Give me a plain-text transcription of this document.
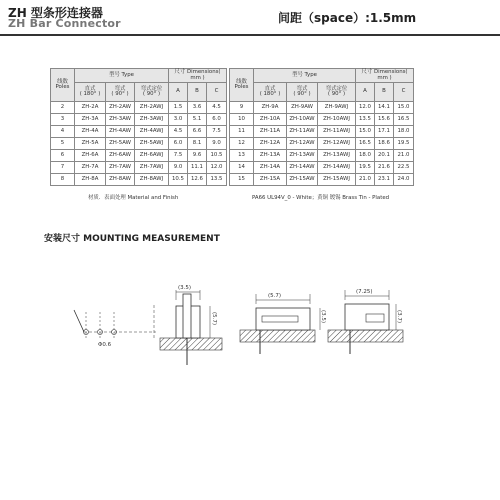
ZH 型条形连接器
ZH Bar Connector	间距（space）:1.5mm
线数
Poles	型号 Type			尺寸 Dimensions( mm )				线数
Poles	型号 Type			尺寸 Dimensions( mm )		
	直式
( 180° )	弯式
( 90° )	弯式定位
( 90° )	A	B	C			直式
( 180° )	弯式
( 90° )	弯式定位
( 90° )	A	B	C
2	ZH-2A	ZH-2AW	ZH-2AWJ	1.5	3.6	4.5		9	ZH-9A	ZH-9AW	ZH-9AWJ	12.0	14.1	15.0
3	ZH-3A	ZH-3AW	ZH-3AWJ	3.0	5.1	6.0		10	ZH-10A	ZH-10AW	ZH-10AWJ	13.5	15.6	16.5
4	ZH-4A	ZH-4AW	ZH-4AWJ	4.5	6.6	7.5		11	ZH-11A	ZH-11AW	ZH-11AWJ	15.0	17.1	18.0
5	ZH-5A	ZH-5AW	ZH-5AWJ	6.0	8.1	9.0		12	ZH-12A	ZH-12AW	ZH-12AWJ	16.5	18.6	19.5
6	ZH-6A	ZH-6AW	ZH-6AWJ	7.5	9.6	10.5		13	ZH-13A	ZH-13AW	ZH-13AWJ	18.0	20.1	21.0
7	ZH-7A	ZH-7AW	ZH-7AWJ	9.0	11.1	12.0		14	ZH-14A	ZH-14AW	ZH-14AWJ	19.5	21.6	22.5
8	ZH-8A	ZH-8AW	ZH-8AWJ	10.5	12.6	13.5		15	ZH-15A	ZH-15AW	ZH-15AWJ	21.0	23.1	24.0
材质．表面处理 Material and Finish	PA66 UL94V_0 - White；黄铜 镀锡 Brass Tin - Plated
安装尺寸 MOUNTING MEASUREMENT
Φ0.6
(3.5)
(5.7)
(5.7)
(3.5)
(7.25)
(3.7)
